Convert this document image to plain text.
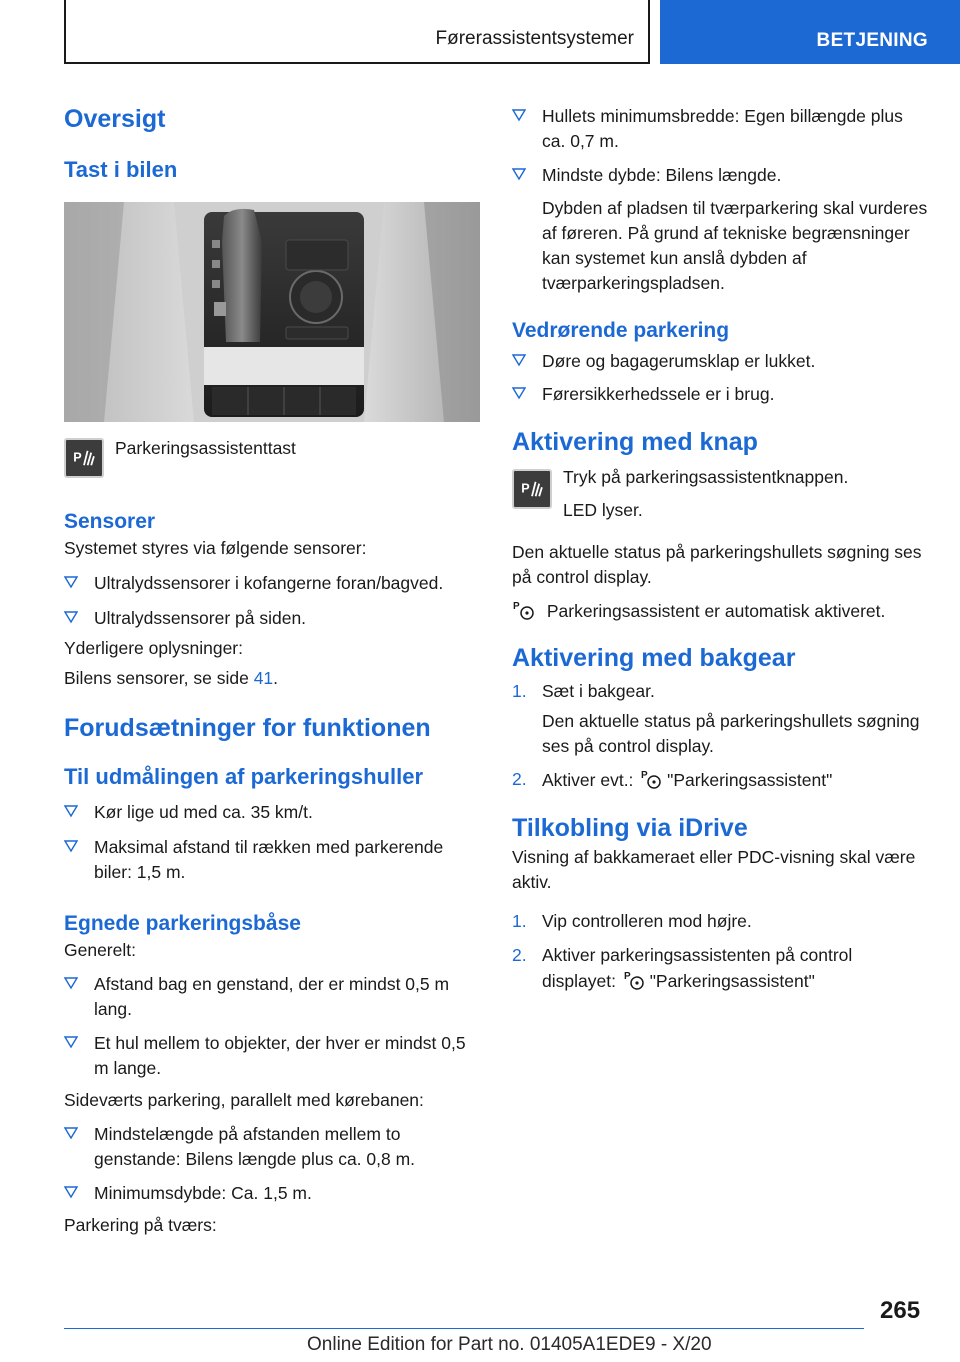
Førerassistentsystemer	BETJENING
Oversigt
Tast i bilen
P Parkeringsassistenttast
Sensorer
Systemet styres via følgende sensorer:
Ultralydssensorer i kofangerne foran/bagved.
Ultralydssensorer på siden.
Yderligere oplysninger:
Bilens sensorer, se side 41.
Forudsætninger for funktionen
Til udmålingen af parkeringshuller
Kør lige ud med ca. 35 km/t.
Maksimal afstand til rækken med parkerende biler: 1,5 m.
Egnede parkeringsbåse
Generelt:
Afstand bag en genstand, der er mindst 0,5 m lang.
Et hul mellem to objekter, der hver er mindst 0,5 m lange.
Sideværts parkering, parallelt med kørebanen:
Mindstelængde på afstanden mellem to genstande: Bilens længde plus ca. 0,8 m.
Minimumsdybde: Ca. 1,5 m.
Parkering på tværs:
Hullets minimumsbredde: Egen billængde plus ca. 0,7 m.
Mindste dybde: Bilens længde.
Dybden af pladsen til tværparkering skal vurderes af føreren. På grund af tekniske begrænsninger kan systemet kun anslå dybden af tværparkeringspladsen.
Vedrørende parkering
Døre og bagagerumsklap er lukket.
Førersikkerhedssele er i brug.
Aktivering med knap
P
Tryk på parkeringsassistentknappen.
LED lyser.
Den aktuelle status på parkeringshullets søgning ses på control display.
P Parkeringsassistent er automatisk aktiveret.
Aktivering med bakgear
1. Sæt i bakgear.
Den aktuelle status på parkeringshullets søgning ses på control display.
2. Aktiver evt.: P "Parkeringsassistent"
Tilkobling via iDrive
Visning af bakkameraet eller PDC-visning skal være aktiv.
1. Vip controlleren mod højre.
2. Aktiver parkeringsassistenten på control displayet: P "Parkeringsassistent"
265
Online Edition for Part no. 01405A1EDE9 - X/20
